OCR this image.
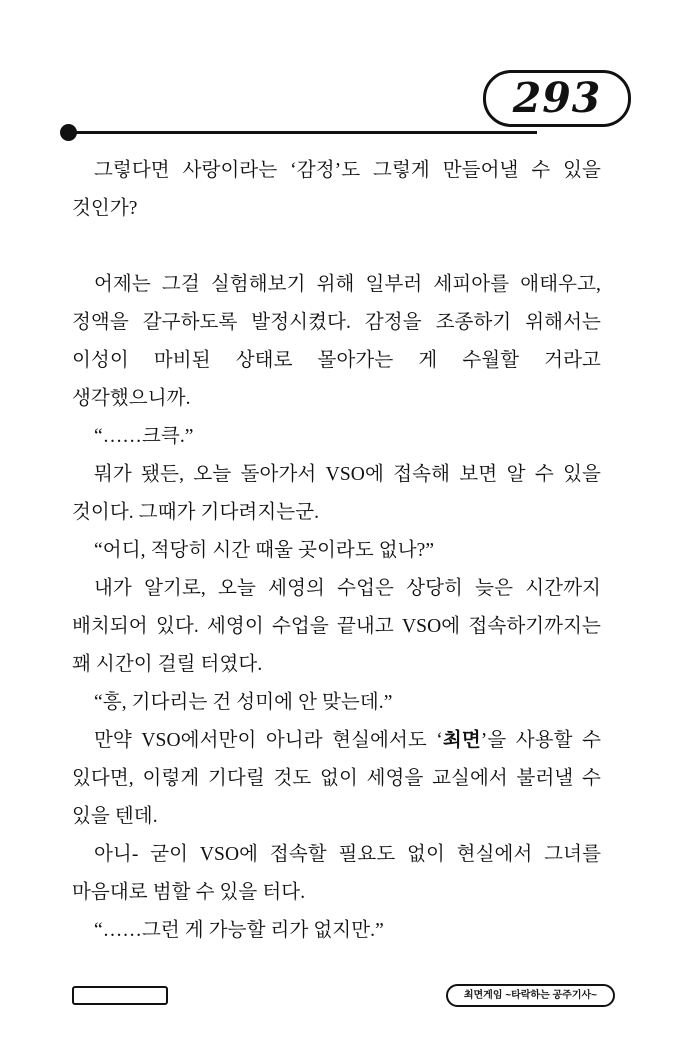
293

그렇다면 사랑이라는 ‘감정’도 그렇게 만들어낼 수 있을 것인가?

어제는 그걸 실험해보기 위해 일부러 세피아를 애태우고, 정액을 갈구하도록 발정시켰다. 감정을 조종하기 위해서는 이성이 마비된 상태로 몰아가는 게 수월할 거라고 생각했으니까.

“……크큭.”

뭐가 됐든, 오늘 돌아가서 VSO에 접속해 보면 알 수 있을 것이다. 그때가 기다려지는군.

“어디, 적당히 시간 때울 곳이라도 없나?”

내가 알기로, 오늘 세영의 수업은 상당히 늦은 시간까지 배치되어 있다. 세영이 수업을 끝내고 VSO에 접속하기까지는 꽤 시간이 걸릴 터였다.

“흥, 기다리는 건 성미에 안 맞는데.”

만약 VSO에서만이 아니라 현실에서도 ‘최면’을 사용할 수 있다면, 이렇게 기다릴 것도 없이 세영을 교실에서 불러낼 수 있을 텐데.

아니- 굳이 VSO에 접속할 필요도 없이 현실에서 그녀를 마음대로 범할 수 있을 터다.

“……그런 게 가능할 리가 없지만.”

최면게임 ~타락하는 공주기사~
